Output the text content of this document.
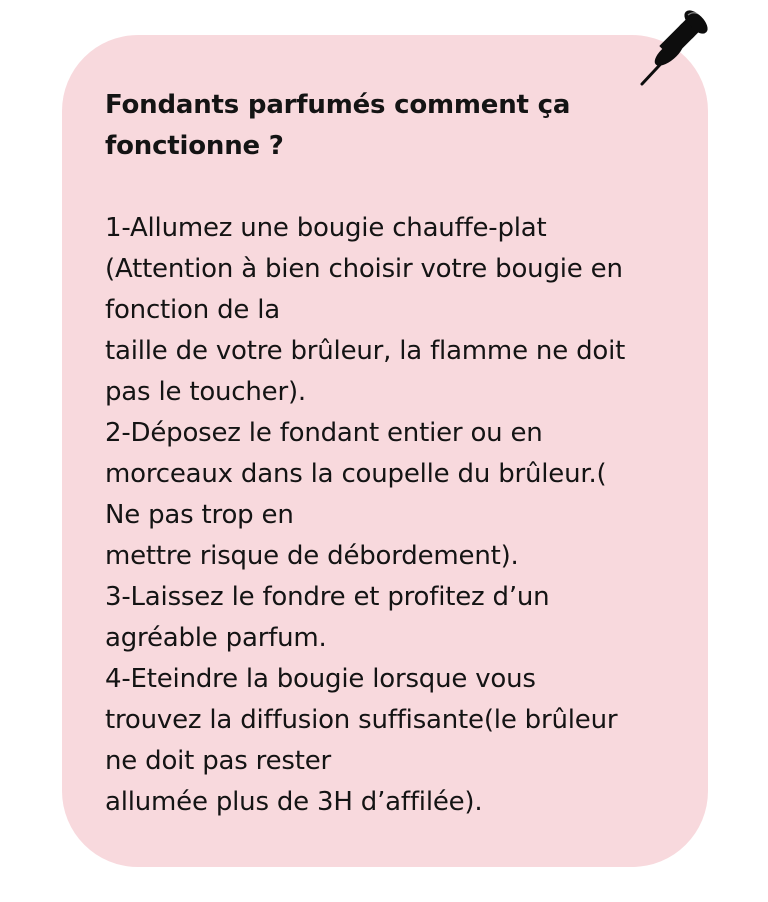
Fondants parfumés comment ça
fonctionne ?
1-Allumez une bougie chauffe-plat
(Attention à bien choisir votre bougie en
fonction de la
taille de votre brûleur, la flamme ne doit
pas le toucher).
2-Déposez le fondant entier ou en
morceaux dans la coupelle du brûleur.(
Ne pas trop en
mettre risque de débordement).
3-Laissez le fondre et profitez d’un
agréable parfum.
4-Eteindre la bougie lorsque vous
trouvez la diffusion suffisante(le brûleur
ne doit pas rester
allumée plus de 3H d’affilée).
